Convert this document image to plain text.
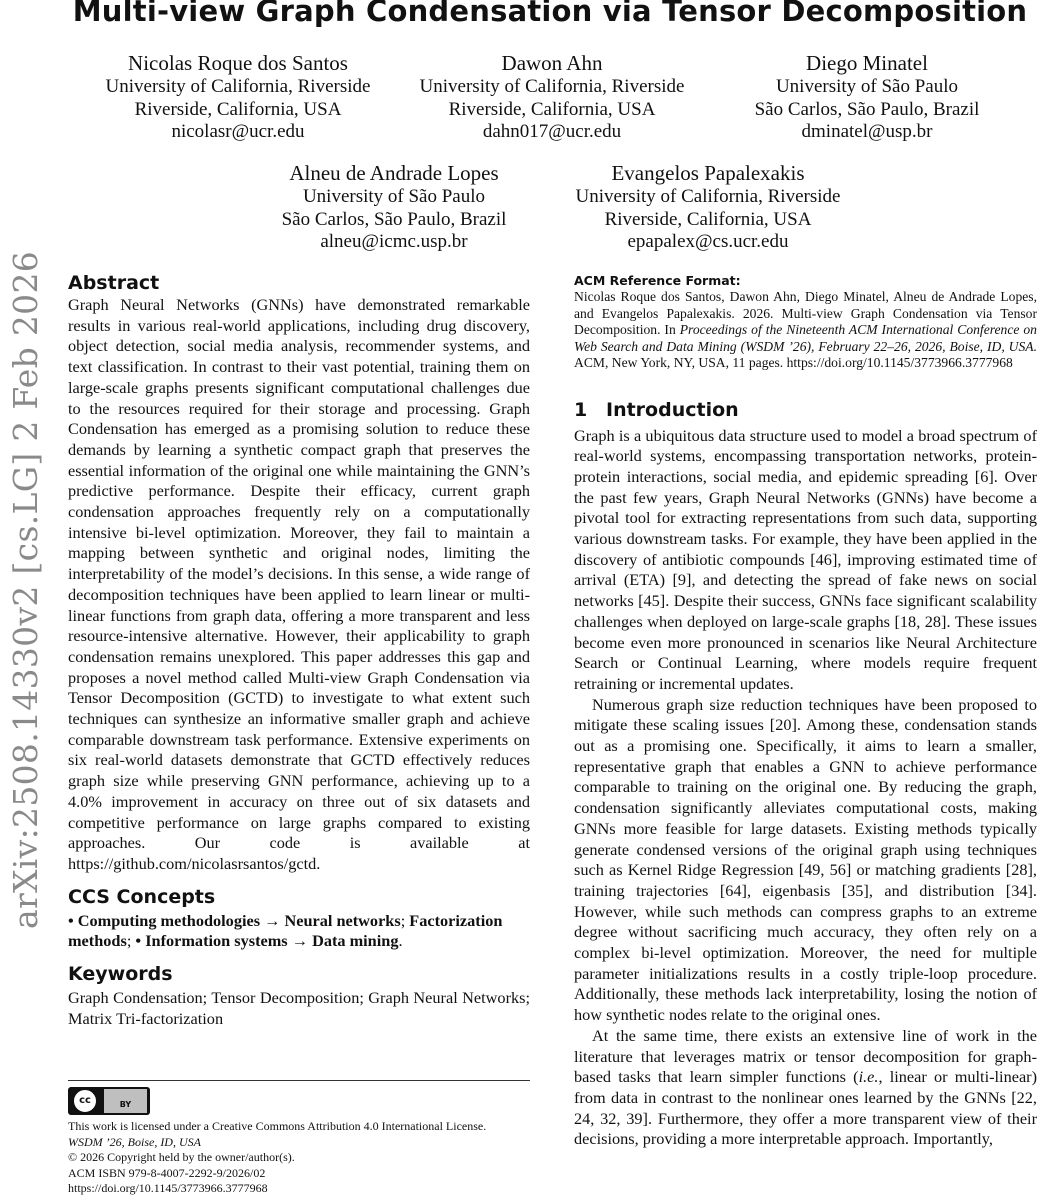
arXiv:2508.14330v2 [cs.LG] 2 Feb 2026
Multi-view Graph Condensation via Tensor Decomposition
Nicolas Roque dos Santos
University of California, Riverside
Riverside, California, USA
nicolasr@ucr.edu
Dawon Ahn
University of California, Riverside
Riverside, California, USA
dahn017@ucr.edu
Diego Minatel
University of São Paulo
São Carlos, São Paulo, Brazil
dminatel@usp.br
Alneu de Andrade Lopes
University of São Paulo
São Carlos, São Paulo, Brazil
alneu@icmc.usp.br
Evangelos Papalexakis
University of California, Riverside
Riverside, California, USA
epapalex@cs.ucr.edu
Abstract

Graph Neural Networks (GNNs) have demonstrated remarkable results in various real-world applications, including drug discovery, object detection, social media analysis, recommender systems, and text classification. In contrast to their vast potential, training them on large-scale graphs presents significant computational challenges due to the resources required for their storage and processing. Graph Condensation has emerged as a promising solution to reduce these demands by learning a synthetic compact graph that preserves the essential information of the original one while maintaining the GNN’s predictive performance. Despite their efficacy, current graph condensation approaches frequently rely on a computationally intensive bi-level optimization. Moreover, they fail to maintain a mapping between synthetic and original nodes, limiting the interpretability of the model’s decisions. In this sense, a wide range of decomposition techniques have been applied to learn linear or multi-linear functions from graph data, offering a more transparent and less resource-intensive alternative. However, their applicability to graph condensation remains unexplored. This paper addresses this gap and proposes a novel method called Multi-view Graph Condensation via Tensor Decomposition (GCTD) to investigate to what extent such techniques can synthesize an informative smaller graph and achieve comparable downstream task performance. Extensive experiments on six real-world datasets demonstrate that GCTD effectively reduces graph size while preserving GNN performance, achieving up to a 4.0% improvement in accuracy on three out of six datasets and competitive performance on large graphs compared to existing approaches. Our code is available at https://github.com/nicolasrsantos/gctd.

CCS Concepts

• Computing methodologies → Neural networks; Factorization methods; • Information systems → Data mining.

Keywords

Graph Condensation; Tensor Decomposition; Graph Neural Networks; Matrix Tri-factorization

cc	BY
This work is licensed under a Creative Commons Attribution 4.0 International License.
WSDM ’26, Boise, ID, USA
© 2026 Copyright held by the owner/author(s).
ACM ISBN 979-8-4007-2292-9/2026/02
https://doi.org/10.1145/3773966.3777968
ACM Reference Format:

Nicolas Roque dos Santos, Dawon Ahn, Diego Minatel, Alneu de Andrade Lopes, and Evangelos Papalexakis. 2026. Multi-view Graph Condensation via Tensor Decomposition. In Proceedings of the Nineteenth ACM International Conference on Web Search and Data Mining (WSDM ’26), February 22–26, 2026, Boise, ID, USA. ACM, New York, NY, USA, 11 pages. https://doi.org/10.1145/3773966.3777968

1 Introduction

Graph is a ubiquitous data structure used to model a broad spectrum of real-world systems, encompassing transportation networks, protein-protein interactions, social media, and epidemic spreading [6]. Over the past few years, Graph Neural Networks (GNNs) have become a pivotal tool for extracting representations from such data, supporting various downstream tasks. For example, they have been applied in the discovery of antibiotic compounds [46], improving estimated time of arrival (ETA) [9], and detecting the spread of fake news on social networks [45]. Despite their success, GNNs face significant scalability challenges when deployed on large-scale graphs [18, 28]. These issues become even more pronounced in scenarios like Neural Architecture Search or Continual Learning, where models require frequent retraining or incremental updates.

Numerous graph size reduction techniques have been proposed to mitigate these scaling issues [20]. Among these, condensation stands out as a promising one. Specifically, it aims to learn a smaller, representative graph that enables a GNN to achieve performance comparable to training on the original one. By reducing the graph, condensation significantly alleviates computational costs, making GNNs more feasible for large datasets. Existing methods typically generate condensed versions of the original graph using techniques such as Kernel Ridge Regression [49, 56] or matching gradients [28], training trajectories [64], eigenbasis [35], and distribution [34]. However, while such methods can compress graphs to an extreme degree without sacrificing much accuracy, they often rely on a complex bi-level optimization. Moreover, the need for multiple parameter initializations results in a costly triple-loop procedure. Additionally, these methods lack interpretability, losing the notion of how synthetic nodes relate to the original ones.

At the same time, there exists an extensive line of work in the literature that leverages matrix or tensor decomposition for graph-based tasks that learn simpler functions (i.e., linear or multi-linear) from data in contrast to the nonlinear ones learned by the GNNs [22, 24, 32, 39]. Furthermore, they offer a more transparent view of their decisions, providing a more interpretable approach. Importantly,
